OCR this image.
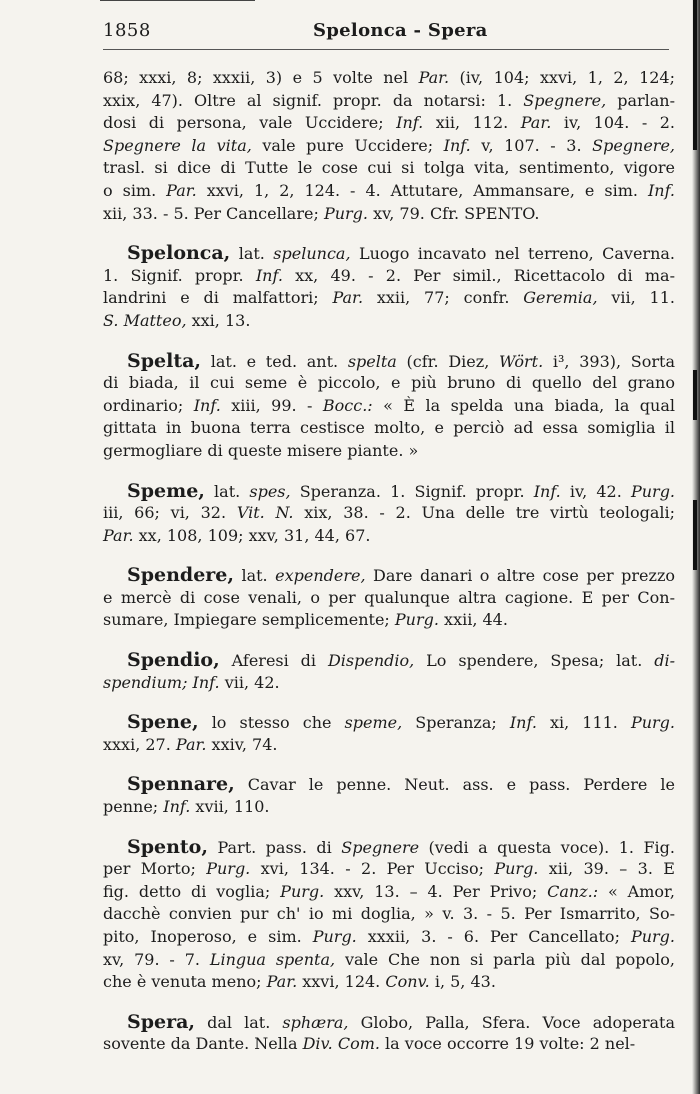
1858	Spelonca - Spera
68; xxxi, 8; xxxii, 3) e 5 volte nel Par. (iv, 104; xxvi, 1, 2, 124;
xxix, 47). Oltre al signif. propr. da notarsi: 1. Spegnere, parlan-
dosi di persona, vale Uccidere; Inf. xii, 112. Par. iv, 104. - 2.
Spegnere la vita, vale pure Uccidere; Inf. v, 107. - 3. Spegnere,
trasl. si dice di Tutte le cose cui si tolga vita, sentimento, vigore
o sim. Par. xxvi, 1, 2, 124. - 4. Attutare, Ammansare, e sim. Inf.
xii, 33. - 5. Per Cancellare; Purg. xv, 79. Cfr. SPENTO.
Spelonca, lat. spelunca, Luogo incavato nel terreno, Caverna.
1. Signif. propr. Inf. xx, 49. - 2. Per simil., Ricettacolo di ma-
landrini e di malfattori; Par. xxii, 77; confr. Geremia, vii, 11.
S. Matteo, xxi, 13.
Spelta, lat. e ted. ant. spelta (cfr. Diez, Wört. i³, 393), Sorta
di biada, il cui seme è piccolo, e più bruno di quello del grano
ordinario; Inf. xiii, 99. - Bocc.: « È la spelda una biada, la qual
gittata in buona terra cestisce molto, e perciò ad essa somiglia il
germogliare di queste misere piante. »
Speme, lat. spes, Speranza. 1. Signif. propr. Inf. iv, 42. Purg.
iii, 66; vi, 32. Vit. N. xix, 38. - 2. Una delle tre virtù teologali;
Par. xx, 108, 109; xxv, 31, 44, 67.
Spendere, lat. expendere, Dare danari o altre cose per prezzo
e mercè di cose venali, o per qualunque altra cagione. E per Con-
sumare, Impiegare semplicemente; Purg. xxii, 44.
Spendio, Aferesi di Dispendio, Lo spendere, Spesa; lat. di-
spendium; Inf. vii, 42.
Spene, lo stesso che speme, Speranza; Inf. xi, 111. Purg.
xxxi, 27. Par. xxiv, 74.
Spennare, Cavar le penne. Neut. ass. e pass. Perdere le
penne; Inf. xvii, 110.
Spento, Part. pass. di Spegnere (vedi a questa voce). 1. Fig.
per Morto; Purg. xvi, 134. - 2. Per Ucciso; Purg. xii, 39. – 3. E
fig. detto di voglia; Purg. xxv, 13. – 4. Per Privo; Canz.: « Amor,
dacchè convien pur ch' io mi doglia, » v. 3. - 5. Per Ismarrito, So-
pito, Inoperoso, e sim. Purg. xxxii, 3. - 6. Per Cancellato; Purg.
xv, 79. - 7. Lingua spenta, vale Che non si parla più dal popolo,
che è venuta meno; Par. xxvi, 124. Conv. i, 5, 43.
Spera, dal lat. sphæra, Globo, Palla, Sfera. Voce adoperata
sovente da Dante. Nella Div. Com. la voce occorre 19 volte: 2 nel-
